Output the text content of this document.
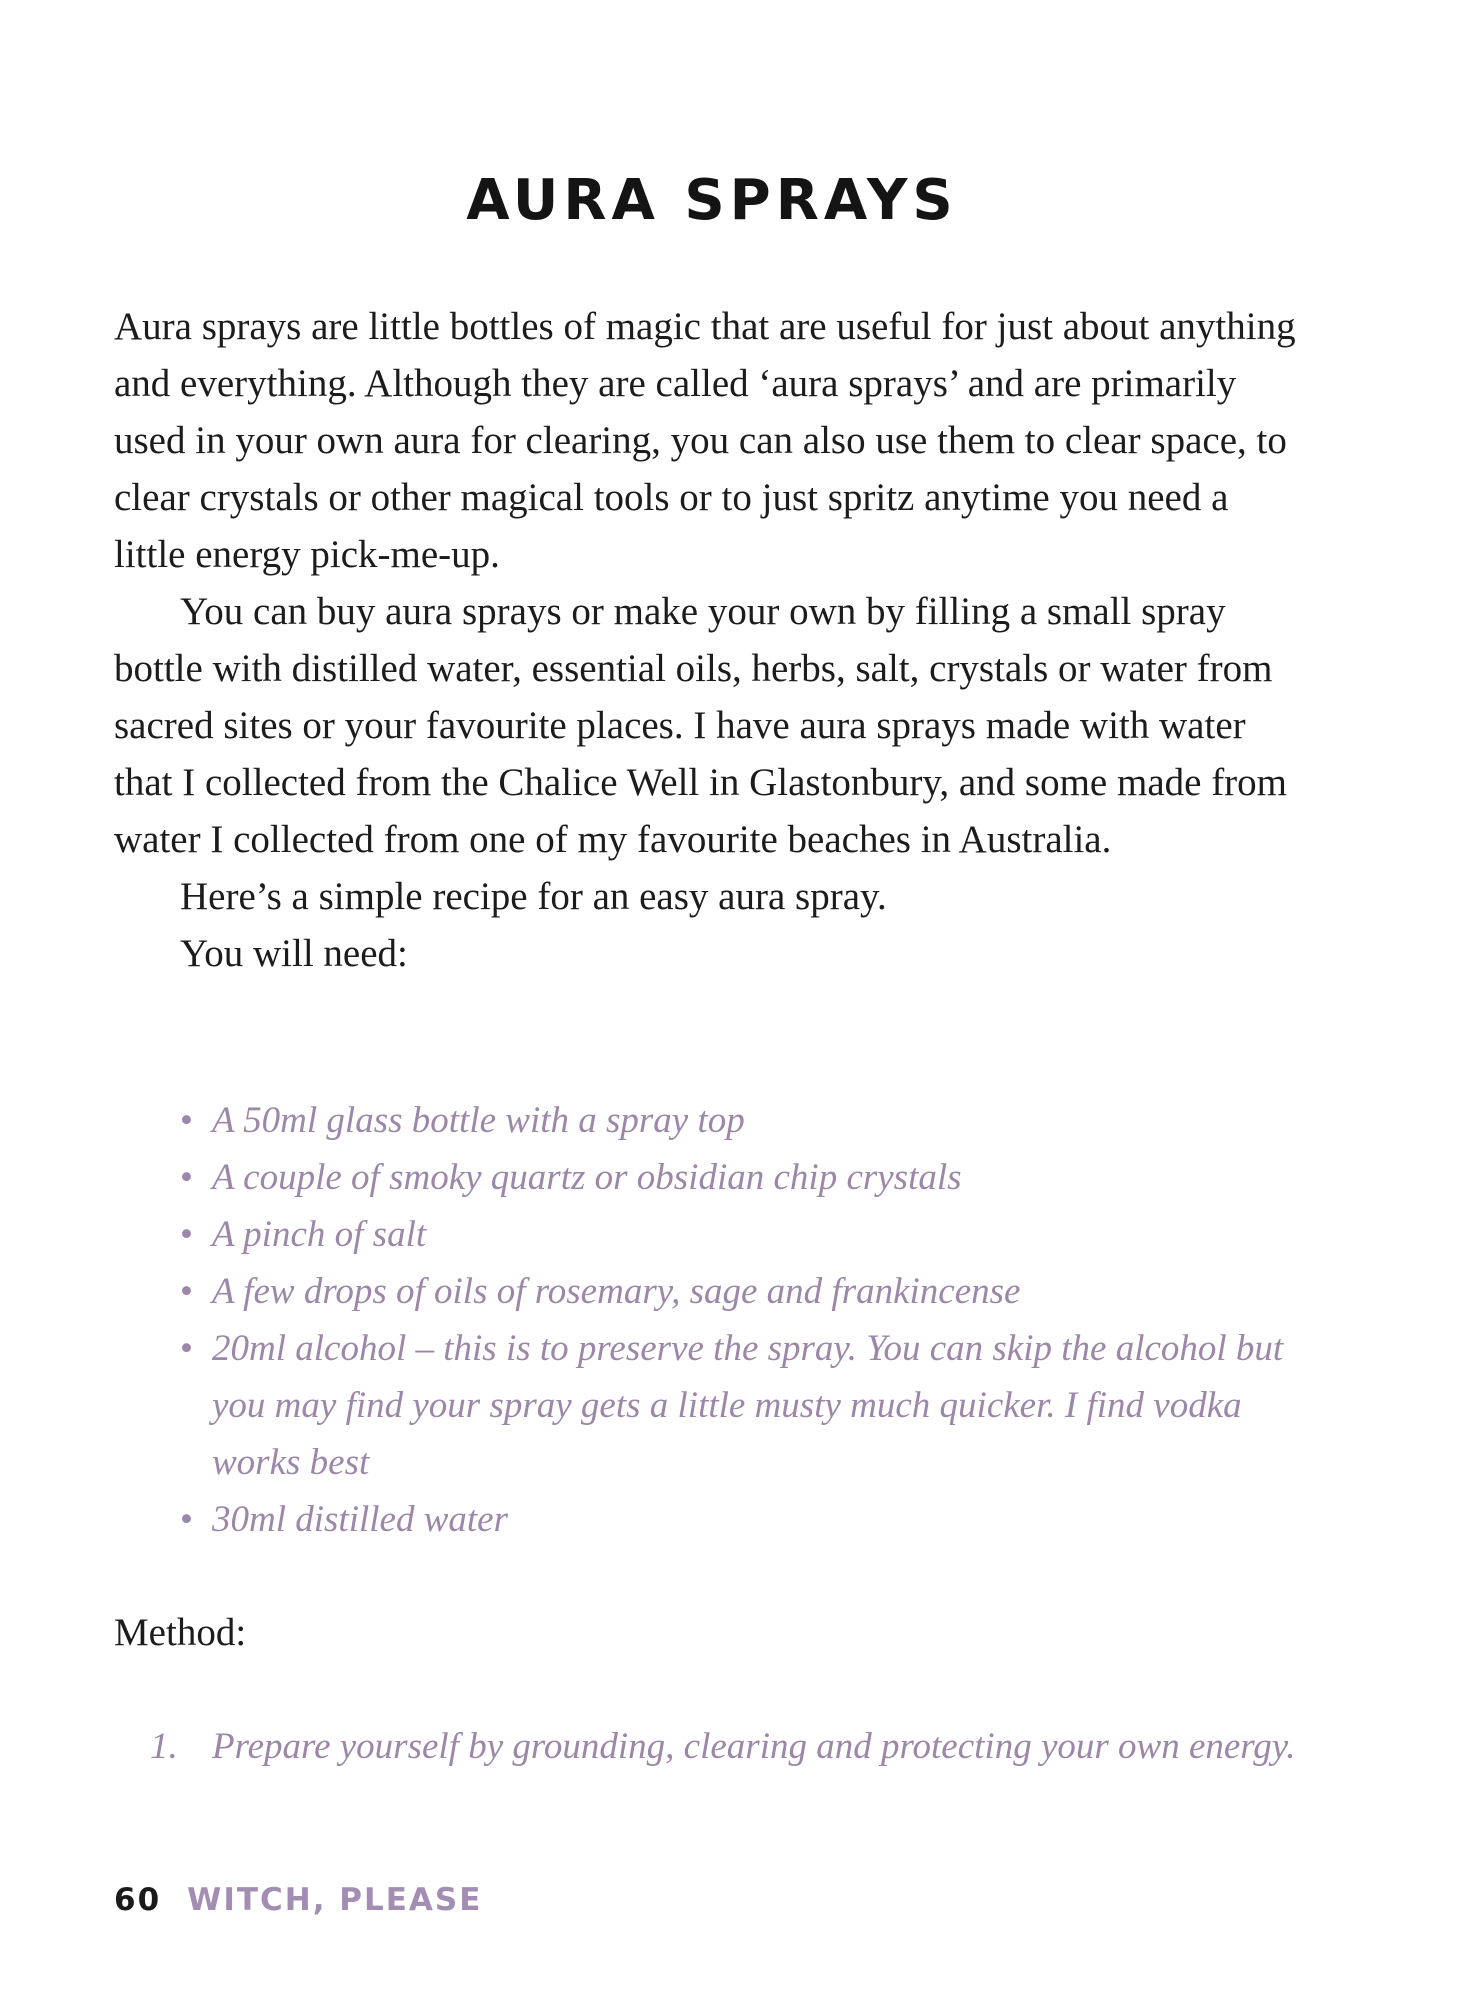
AURA SPRAYS

Aura sprays are little bottles of magic that are useful for just about anything and everything. Although they are called ‘aura sprays’ and are primarily used in your own aura for clearing, you can also use them to clear space, to clear crystals or other magical tools or to just spritz anytime you need a little energy pick-me-up.

You can buy aura sprays or make your own by filling a small spray bottle with distilled water, essential oils, herbs, salt, crystals or water from sacred sites or your favourite places. I have aura sprays made with water that I collected from the Chalice Well in Glastonbury, and some made from water I collected from one of my favourite beaches in Australia.

Here’s a simple recipe for an easy aura spray.

You will need:

• A 50ml glass bottle with a spray top
• A couple of smoky quartz or obsidian chip crystals
• A pinch of salt
• A few drops of oils of rosemary, sage and frankincense
• 20ml alcohol – this is to preserve the spray. You can skip the alcohol but you may find your spray gets a little musty much quicker. I find vodka works best
• 30ml distilled water
Method:
1. Prepare yourself by grounding, clearing and protecting your own energy.
60 WITCH, PLEASE
